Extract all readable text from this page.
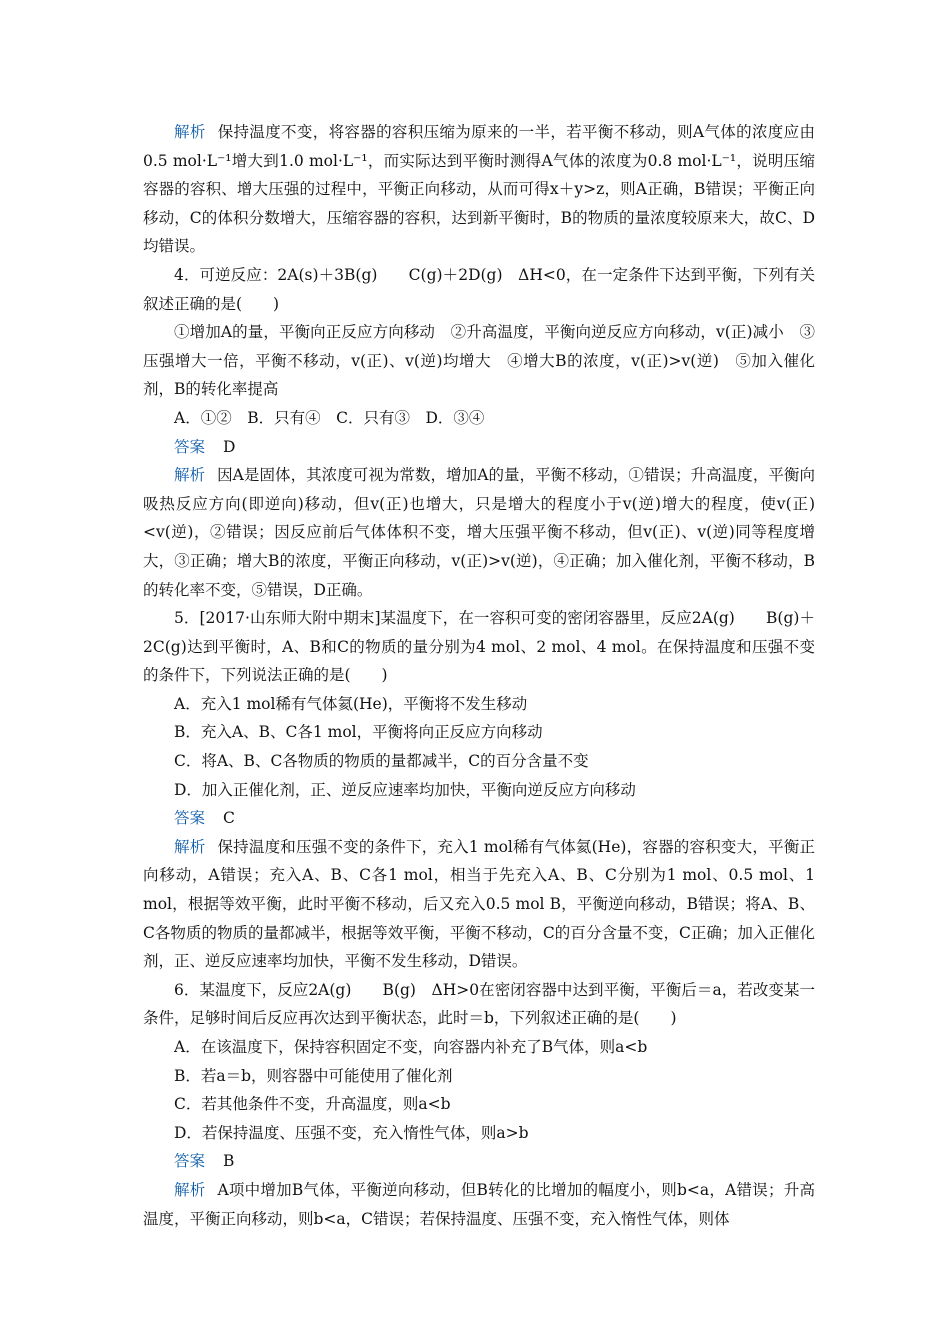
解析 保持温度不变，将容器的容积压缩为原来的一半，若平衡不移动，则A气体的浓度应由0.5 mol·L⁻¹增大到1.0 mol·L⁻¹，而实际达到平衡时测得A气体的浓度为0.8 mol·L⁻¹，说明压缩容器的容积、增大压强的过程中，平衡正向移动，从而可得x＋y>z，则A正确，B错误；平衡正向移动，C的体积分数增大，压缩容器的容积，达到新平衡时，B的物质的量浓度较原来大，故C、D均错误。

4．可逆反应：2A(s)＋3B(g)　　C(g)＋2D(g)　ΔH<0，在一定条件下达到平衡，下列有关叙述正确的是(　　)

①增加A的量，平衡向正反应方向移动　②升高温度，平衡向逆反应方向移动，v(正)减小　③压强增大一倍，平衡不移动，v(正)、v(逆)均增大　④增大B的浓度，v(正)>v(逆)　⑤加入催化剂，B的转化率提高

A．①②　B．只有④　C．只有③　D．③④

答案 D

解析 因A是固体，其浓度可视为常数，增加A的量，平衡不移动，①错误；升高温度，平衡向吸热反应方向(即逆向)移动，但v(正)也增大，只是增大的程度小于v(逆)增大的程度，使v(正)<v(逆)，②错误；因反应前后气体体积不变，增大压强平衡不移动，但v(正)、v(逆)同等程度增大，③正确；增大B的浓度，平衡正向移动，v(正)>v(逆)，④正确；加入催化剂，平衡不移动，B的转化率不变，⑤错误，D正确。

5．[2017·山东师大附中期末]某温度下，在一容积可变的密闭容器里，反应2A(g)　　B(g)＋2C(g)达到平衡时，A、B和C的物质的量分别为4 mol、2 mol、4 mol。在保持温度和压强不变的条件下，下列说法正确的是(　　)

A．充入1 mol稀有气体氦(He)，平衡将不发生移动

B．充入A、B、C各1 mol，平衡将向正反应方向移动

C．将A、B、C各物质的物质的量都减半，C的百分含量不变

D．加入正催化剂，正、逆反应速率均加快，平衡向逆反应方向移动

答案 C

解析 保持温度和压强不变的条件下，充入1 mol稀有气体氦(He)，容器的容积变大，平衡正向移动，A错误；充入A、B、C各1 mol，相当于先充入A、B、C分别为1 mol、0.5 mol、1 mol，根据等效平衡，此时平衡不移动，后又充入0.5 mol B，平衡逆向移动，B错误；将A、B、C各物质的物质的量都减半，根据等效平衡，平衡不移动，C的百分含量不变，C正确；加入正催化剂，正、逆反应速率均加快，平衡不发生移动，D错误。

6．某温度下，反应2A(g)　　B(g)　ΔH>0在密闭容器中达到平衡，平衡后＝a，若改变某一条件，足够时间后反应再次达到平衡状态，此时＝b，下列叙述正确的是(　　)

A．在该温度下，保持容积固定不变，向容器内补充了B气体，则a<b

B．若a＝b，则容器中可能使用了催化剂

C．若其他条件不变，升高温度，则a<b

D．若保持温度、压强不变，充入惰性气体，则a>b

答案 B

解析 A项中增加B气体，平衡逆向移动，但B转化的比增加的幅度小，则b<a，A错误；升高温度，平衡正向移动，则b<a，C错误；若保持温度、压强不变，充入惰性气体，则体
